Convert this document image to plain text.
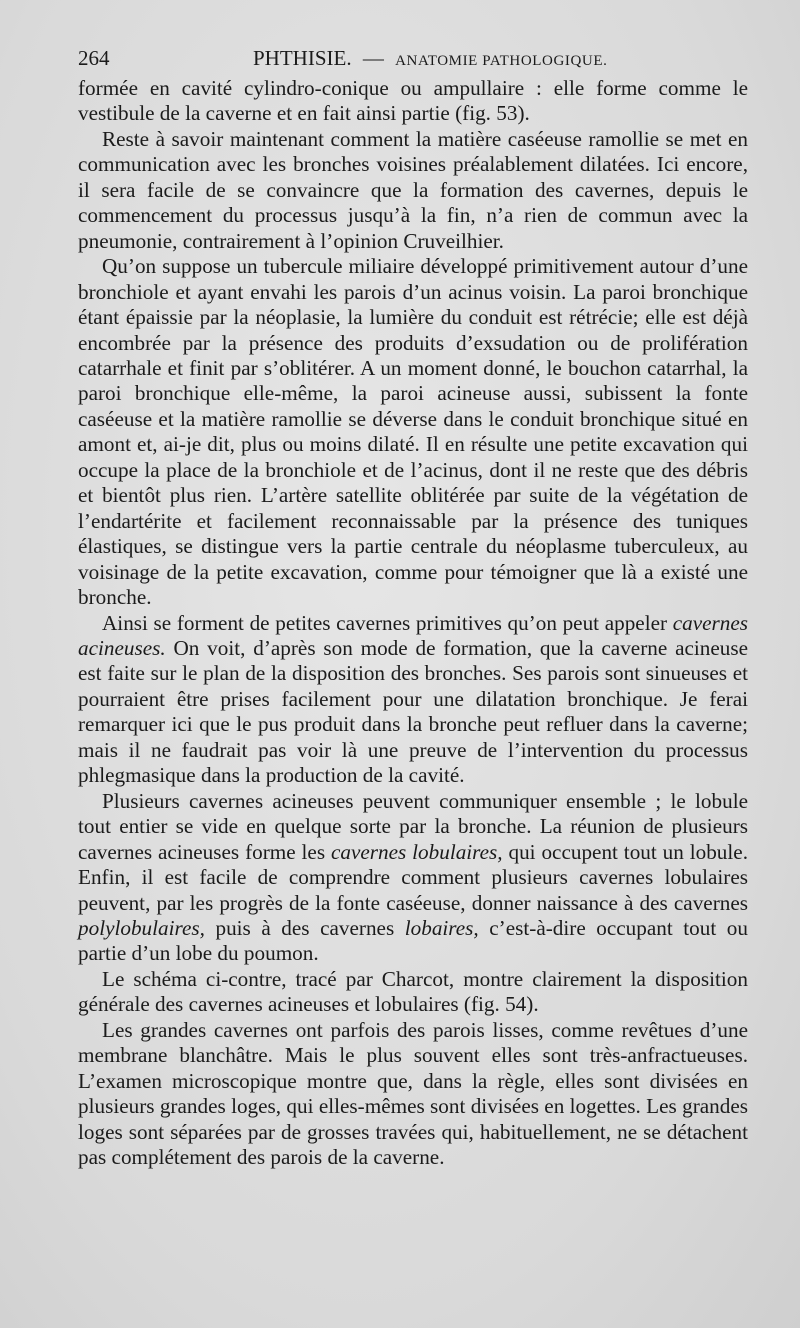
264	PHTHISIE. — ANATOMIE PATHOLOGIQUE.

formée en cavité cylindro-conique ou ampullaire : elle forme comme le vestibule de la caverne et en fait ainsi partie (fig. 53).

Reste à savoir maintenant comment la matière caséeuse ramollie se met en communication avec les bronches voisines préalablement dilatées. Ici encore, il sera facile de se convaincre que la formation des cavernes, depuis le commencement du processus jusqu’à la fin, n’a rien de commun avec la pneumonie, contrairement à l’opinion Cruveilhier.

Qu’on suppose un tubercule miliaire développé primitivement autour d’une bronchiole et ayant envahi les parois d’un acinus voisin. La paroi bronchique étant épaissie par la néoplasie, la lumière du conduit est rétrécie; elle est déjà encombrée par la présence des produits d’exsudation ou de prolifération catarrhale et finit par s’oblitérer. A un moment donné, le bouchon catarrhal, la paroi bronchique elle-même, la paroi acineuse aussi, subissent la fonte caséeuse et la matière ramollie se déverse dans le conduit bronchique situé en amont et, ai-je dit, plus ou moins dilaté. Il en résulte une petite excavation qui occupe la place de la bronchiole et de l’acinus, dont il ne reste que des débris et bientôt plus rien. L’artère satellite oblitérée par suite de la végétation de l’endartérite et facilement reconnaissable par la présence des tuniques élastiques, se distingue vers la partie centrale du néoplasme tuberculeux, au voisinage de la petite excavation, comme pour témoigner que là a existé une bronche.

Ainsi se forment de petites cavernes primitives qu’on peut appeler cavernes acineuses. On voit, d’après son mode de formation, que la caverne acineuse est faite sur le plan de la disposition des bronches. Ses parois sont sinueuses et pourraient être prises facilement pour une dilatation bronchique. Je ferai remarquer ici que le pus produit dans la bronche peut refluer dans la caverne; mais il ne faudrait pas voir là une preuve de l’intervention du processus phlegmasique dans la production de la cavité.

Plusieurs cavernes acineuses peuvent communiquer ensemble ; le lobule tout entier se vide en quelque sorte par la bronche. La réunion de plusieurs cavernes acineuses forme les cavernes lobulaires, qui occupent tout un lobule. Enfin, il est facile de comprendre comment plusieurs cavernes lobulaires peuvent, par les progrès de la fonte caséeuse, donner naissance à des cavernes polylobulaires, puis à des cavernes lobaires, c’est-à-dire occupant tout ou partie d’un lobe du poumon.

Le schéma ci-contre, tracé par Charcot, montre clairement la disposition générale des cavernes acineuses et lobulaires (fig. 54).

Les grandes cavernes ont parfois des parois lisses, comme revêtues d’une membrane blanchâtre. Mais le plus souvent elles sont très-anfractueuses. L’examen microscopique montre que, dans la règle, elles sont divisées en plusieurs grandes loges, qui elles-mêmes sont divisées en logettes. Les grandes loges sont séparées par de grosses travées qui, habituellement, ne se détachent pas complétement des parois de la caverne.
